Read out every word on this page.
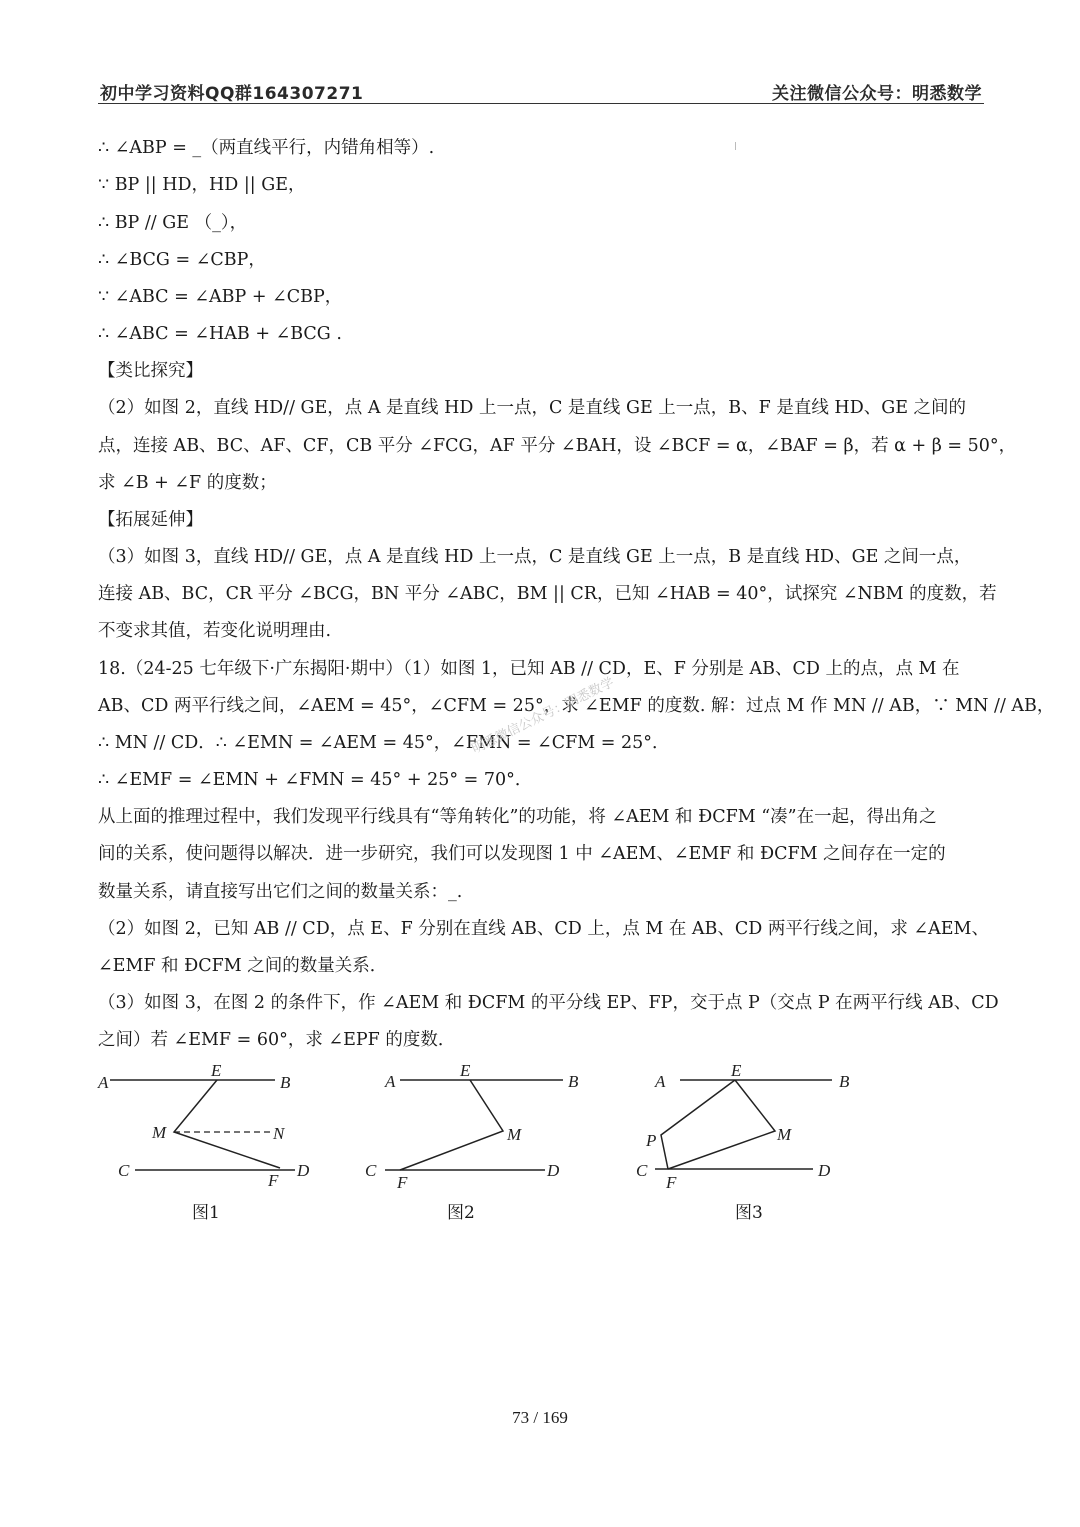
初中学习资料QQ群164307271	关注微信公众号：明悉数学
∴ ∠ABP = _（两直线平行，内错角相等）.
∵ BP || HD，HD || GE，
∴ BP // GE （_），
∴ ∠BCG = ∠CBP，
∵ ∠ABC = ∠ABP + ∠CBP，
∴ ∠ABC = ∠HAB + ∠BCG .
【类比探究】
（2）如图 2，直线 HD// GE，点 A 是直线 HD 上一点，C 是直线 GE 上一点，B、F 是直线 HD、GE 之间的
点，连接 AB、BC、AF、CF，CB 平分 ∠FCG，AF 平分 ∠BAH，设 ∠BCF = α，∠BAF = β，若 α + β = 50°，
求 ∠B + ∠F 的度数；
【拓展延伸】
（3）如图 3，直线 HD// GE，点 A 是直线 HD 上一点，C 是直线 GE 上一点，B 是直线 HD、GE 之间一点，
连接 AB、BC，CR 平分 ∠BCG，BN 平分 ∠ABC，BM || CR，已知 ∠HAB = 40°，试探究 ∠NBM 的度数，若
不变求其值，若变化说明理由.
18.（24-25 七年级下·广东揭阳·期中）（1）如图 1，已知 AB // CD，E、F 分别是 AB、CD 上的点，点 M 在
AB、CD 两平行线之间，∠AEM = 45°，∠CFM = 25°，求 ∠EMF 的度数. 解：过点 M 作 MN // AB，∵ MN // AB，
∴ MN // CD．∴ ∠EMN = ∠AEM = 45°，∠FMN = ∠CFM = 25°．
∴ ∠EMF = ∠EMN + ∠FMN = 45° + 25° = 70°．
从上面的推理过程中，我们发现平行线具有“等角转化”的功能，将 ∠AEM 和 ÐCFM “凑”在一起，得出角之
间的关系，使问题得以解决．进一步研究，我们可以发现图 1 中 ∠AEM、∠EMF 和 ÐCFM 之间存在一定的
数量关系，请直接写出它们之间的数量关系：_.
（2）如图 2，已知 AB // CD，点 E、F 分别在直线 AB、CD 上，点 M 在 AB、CD 两平行线之间，求 ∠AEM、
∠EMF 和 ÐCFM 之间的数量关系．
（3）如图 3，在图 2 的条件下，作 ∠AEM 和 ÐCFM 的平分线 EP、FP，交于点 P（交点 P 在两平行线 AB、CD
之间）若 ∠EMF = 60°，求 ∠EPF 的度数．
明悉微信公众号：明悉数学
A
E
B
M	N
C
F
D
图1
A
E
B
M
C
F
D
图2
A
E
B
P	M
C
F
D
图3
73 / 169
